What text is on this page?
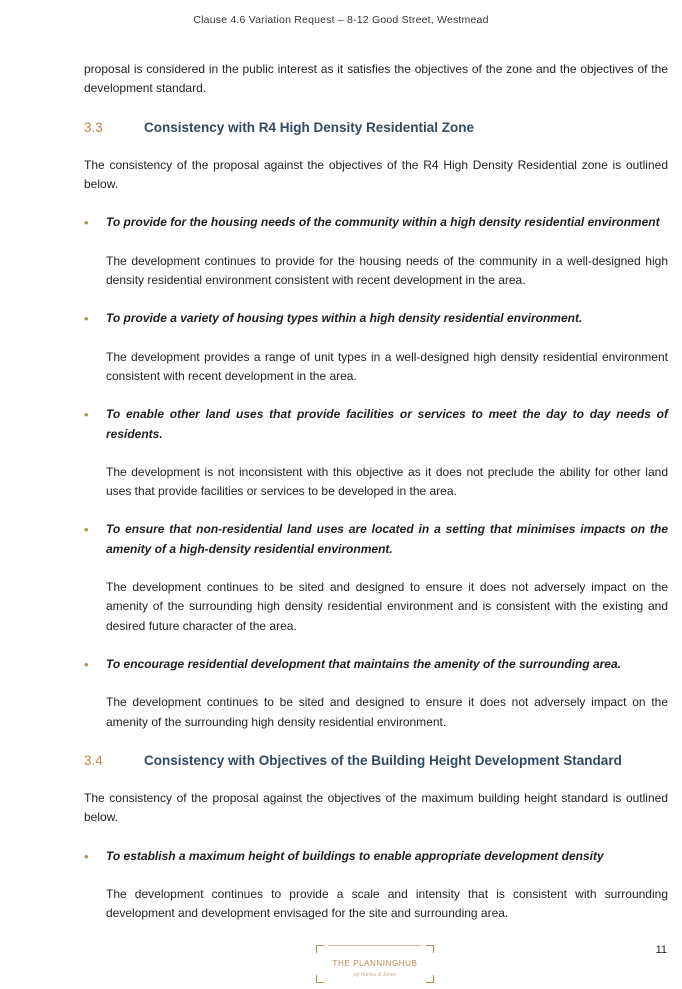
Clause 4.6 Variation Request – 8-12 Good Street, Westmead

proposal is considered in the public interest as it satisfies the objectives of the zone and the objectives of the development standard.

3.3	Consistency with R4 High Density Residential Zone

The consistency of the proposal against the objectives of the R4 High Density Residential zone is outlined below.

•	To provide for the housing needs of the community within a high density residential environment

The development continues to provide for the housing needs of the community in a well-designed high density residential environment consistent with recent development in the area.

•	To provide a variety of housing types within a high density residential environment.

The development provides a range of unit types in a well-designed high density residential environment consistent with recent development in the area.

•	To enable other land uses that provide facilities or services to meet the day to day needs of residents.

The development is not inconsistent with this objective as it does not preclude the ability for other land uses that provide facilities or services to be developed in the area.

•	To ensure that non-residential land uses are located in a setting that minimises impacts on the amenity of a high-density residential environment.

The development continues to be sited and designed to ensure it does not adversely impact on the amenity of the surrounding high density residential environment and is consistent with the existing and desired future character of the area.

•	To encourage residential development that maintains the amenity of the surrounding area.

The development continues to be sited and designed to ensure it does not adversely impact on the amenity of the surrounding high density residential environment.

3.4	Consistency with Objectives of the Building Height Development Standard

The consistency of the proposal against the objectives of the maximum building height standard is outlined below.

•	To establish a maximum height of buildings to enable appropriate development density

The development continues to provide a scale and intensity that is consistent with surrounding development and development envisaged for the site and surrounding area.

THE PLANNINGHUB
by Hames & Jones
11
